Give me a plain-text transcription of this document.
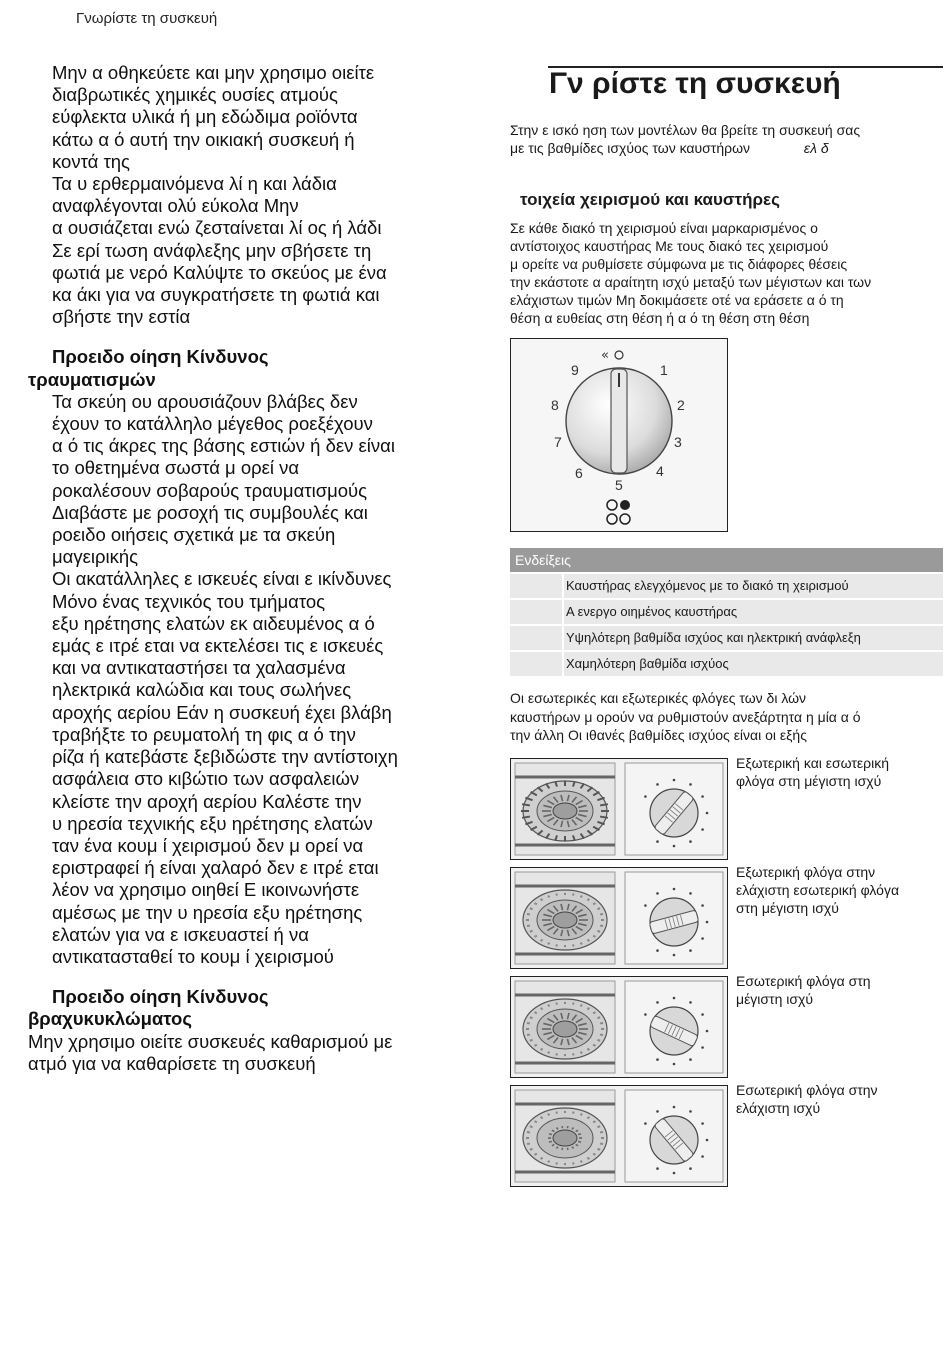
Γνωρίστε τη συσκευή

Μην α οθηκεύετε και μην χρησιμο οιείτε

διαβρωτικές χημικές ουσίες ατμούς

εύφλεκτα υλικά ή μη εδώδιμα ροϊόντα

κάτω α ό αυτή την οικιακή συσκευή ή

κοντά της

Τα υ ερθερμαινόμενα λί η και λάδια

αναφλέγονται ολύ εύκολα Μην

α ουσιάζεται ενώ ζεσταίνεται λί ος ή λάδι

Σε ερί τωση ανάφλεξης μην σβήσετε τη

φωτιά με νερό Καλύψτε το σκεύος με ένα

κα άκι για να συγκρατήσετε τη φωτιά και

σβήστε την εστία

Προειδο οίηση Κίνδυνος
τραυματισμών

Τα σκεύη ου αρουσιάζουν βλάβες δεν

έχουν το κατάλληλο μέγεθος ροεξέχουν

α ό τις άκρες της βάσης εστιών ή δεν είναι

το οθετημένα σωστά μ ορεί να

ροκαλέσουν σοβαρούς τραυματισμούς

Διαβάστε με ροσοχή τις συμβουλές και

ροειδο οιήσεις σχετικά με τα σκεύη

μαγειρικής

Οι ακατάλληλες ε ισκευές είναι ε ικίνδυνες

Μόνο ένας τεχνικός του τμήματος

εξυ ηρέτησης ελατών εκ αιδευμένος α ό

εμάς ε ιτρέ εται να εκτελέσει τις ε ισκευές

και να αντικαταστήσει τα χαλασμένα

ηλεκτρικά καλώδια και τους σωλήνες

αροχής αερίου Εάν η συσκευή έχει βλάβη

τραβήξτε το ρευματολή τη φις α ό την

ρίζα ή κατεβάστε ξεβιδώστε την αντίστοιχη

ασφάλεια στο κιβώτιο των ασφαλειών

κλείστε την αροχή αερίου Καλέστε την

υ ηρεσία τεχνικής εξυ ηρέτησης ελατών

ταν ένα κουμ ί χειρισμού δεν μ ορεί να

εριστραφεί ή είναι χαλαρό δεν ε ιτρέ εται

λέον να χρησιμο οιηθεί Ε ικοινωνήστε

αμέσως με την υ ηρεσία εξυ ηρέτησης

ελατών για να ε ισκευαστεί ή να

αντικατασταθεί το κουμ ί χειρισμού

Προειδο οίηση Κίνδυνος
βραχυκυκλώματος

Μην χρησιμο οιείτε συσκευές καθαρισμού με

ατμό για να καθαρίσετε τη συσκευή

Γν ρίστε τη συσκευή
Στην ε ισκό ηση των μοντέλων θα βρείτε τη συσκευή σας
με τις βαθμίδες ισχύος των καυστήρων	ελ δ
τοιχεία χειρισμού και καυστήρες
Σε κάθε διακό τη χειρισμού είναι μαρκαρισμένος ο
αντίστοιχος καυστήρας Με τους διακό τες χειρισμού
μ ορείτε να ρυθμίσετε σύμφωνα με τις διάφορες θέσεις
την εκάστοτε α αραίτητη ισχύ μεταξύ των μέγιστων και των
ελάχιστων τιμών Μη δοκιμάσετε οτέ να εράσετε α ό τη
θέση α ευθείας στη θέση ή α ό τη θέση στη θέση
«
1
2
3
4
5
6
7
8
9
Ενδείξεις
Καυστήρας ελεγχόμενος με το διακό τη χειρισμού
Α ενεργο οιημένος καυστήρας
Υψηλότερη βαθμίδα ισχύος και ηλεκτρική ανάφλεξη
Χαμηλότερη βαθμίδα ισχύος
Οι εσωτερικές και εξωτερικές φλόγες των δι λών
καυστήρων μ ορούν να ρυθμιστούν ανεξάρτητα η μία α ό
την άλλη Οι ιθανές βαθμίδες ισχύος είναι οι εξής
Εξωτερική και εσωτερική
φλόγα στη μέγιστη ισχύ
Εξωτερική φλόγα στην
ελάχιστη εσωτερική φλόγα
στη μέγιστη ισχύ
Εσωτερική φλόγα στη
μέγιστη ισχύ
Εσωτερική φλόγα στην
ελάχιστη ισχύ
